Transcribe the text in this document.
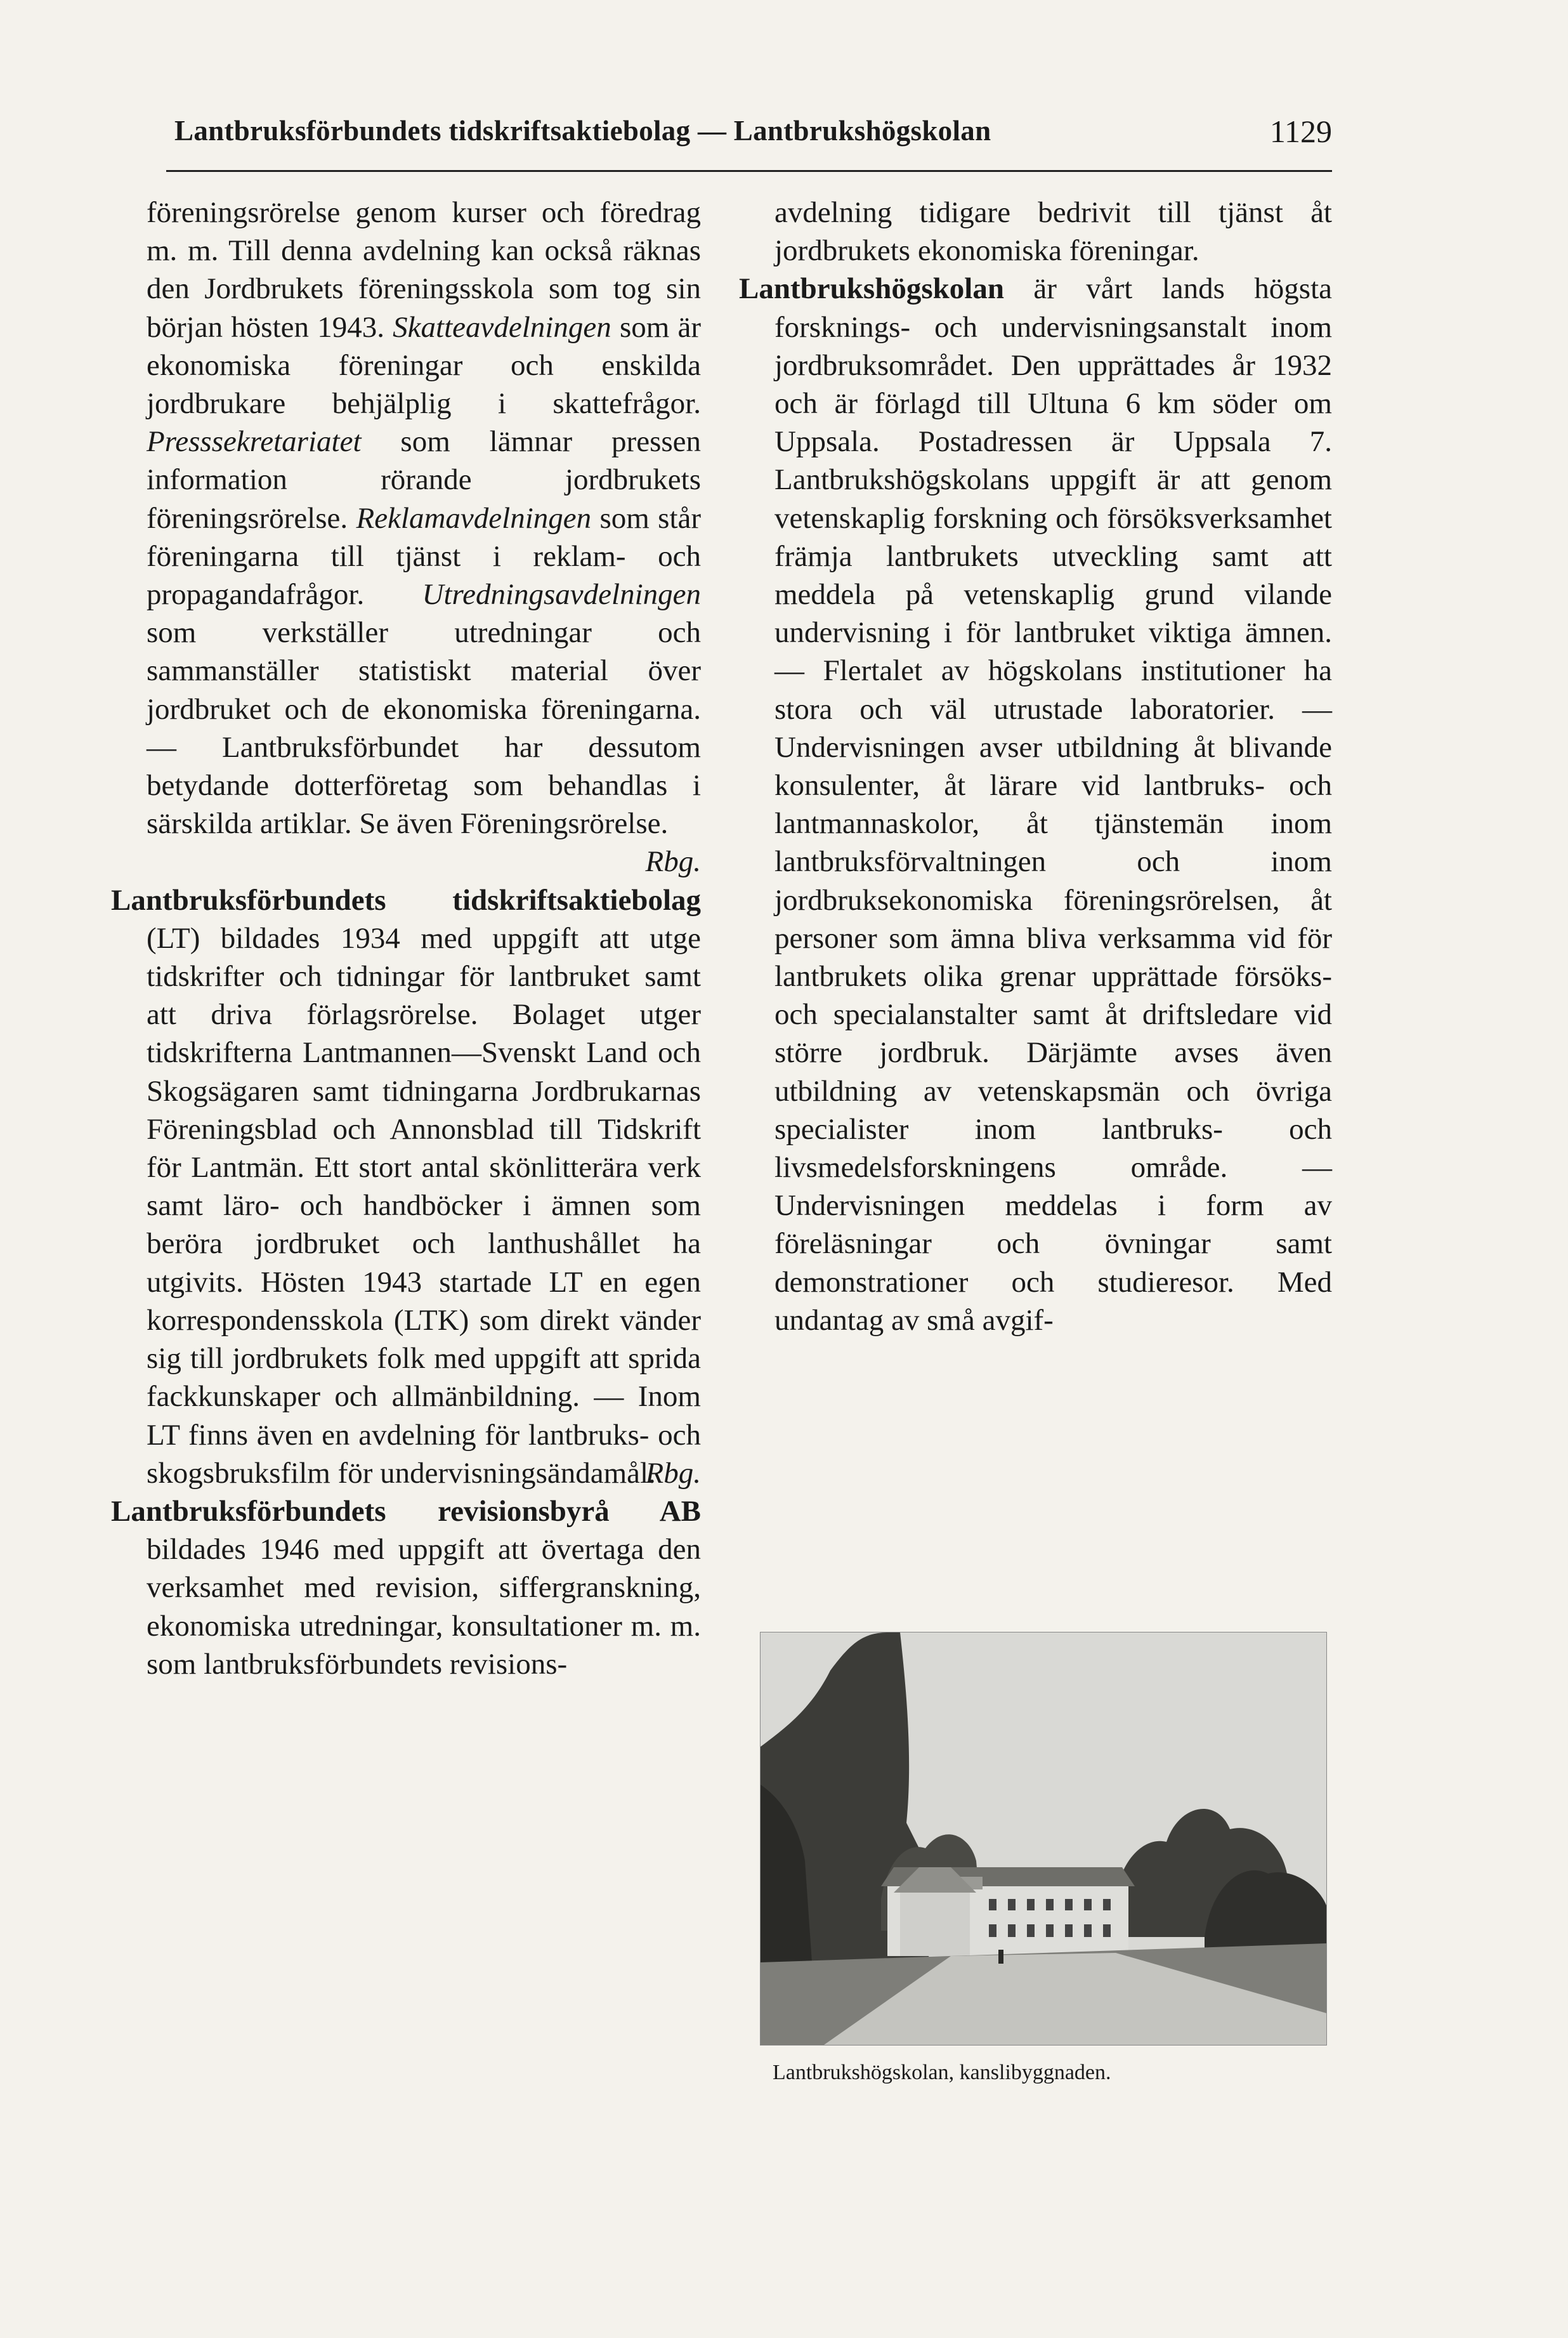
Lantbruksförbundets tidskriftsaktiebolag — Lantbrukshögskolan	1129

föreningsrörelse genom kurser och föredrag m. m. Till denna avdelning kan också räknas den Jordbrukets föreningsskola som tog sin början hösten 1943. Skatteavdelningen som är ekonomiska föreningar och enskilda jordbrukare behjälplig i skattefrågor. Presssekretariatet som lämnar pressen information rörande jordbrukets föreningsrörelse. Reklamavdelningen som står föreningarna till tjänst i reklam- och propagandafrågor. Utredningsavdelningen som verkställer utredningar och sammanställer statistiskt material över jordbruket och de ekonomiska föreningarna. — Lantbruksförbundet har dessutom betydande dotterföretag som behandlas i särskilda artiklar. Se även Föreningsrörelse.
Rbg.

Lantbruksförbundets tidskriftsaktiebolag (LT) bildades 1934 med uppgift att utge tidskrifter och tidningar för lantbruket samt att driva förlagsrörelse. Bolaget utger tidskrifterna Lantmannen—Svenskt Land och Skogsägaren samt tidningarna Jordbrukarnas Föreningsblad och Annonsblad till Tidskrift för Lantmän. Ett stort antal skönlitterära verk samt läro- och handböcker i ämnen som beröra jordbruket och lanthushållet ha utgivits. Hösten 1943 startade LT en egen korrespondensskola (LTK) som direkt vänder sig till jordbrukets folk med uppgift att sprida fackkunskaper och allmänbildning. — Inom LT finns även en avdelning för lantbruks- och skogsbruksfilm för undervisningsändamål.
Rbg.

Lantbruksförbundets revisionsbyrå AB bildades 1946 med uppgift att övertaga den verksamhet med revision, siffergranskning, ekonomiska utredningar, konsultationer m. m. som lantbruksförbundets revisions-

avdelning tidigare bedrivit till tjänst åt jordbrukets ekonomiska föreningar.

Lantbrukshögskolan är vårt lands högsta forsknings- och undervisningsanstalt inom jordbruksområdet. Den upprättades år 1932 och är förlagd till Ultuna 6 km söder om Uppsala. Postadressen är Uppsala 7. Lantbrukshögskolans uppgift är att genom vetenskaplig forskning och försöksverksamhet främja lantbrukets utveckling samt att meddela på vetenskaplig grund vilande undervisning i för lantbruket viktiga ämnen. — Flertalet av högskolans institutioner ha stora och väl utrustade laboratorier. — Undervisningen avser utbildning åt blivande konsulenter, åt lärare vid lantbruks- och lantmannaskolor, åt tjänstemän inom lantbruksförvaltningen och inom jordbruksekonomiska föreningsrörelsen, åt personer som ämna bliva verksamma vid för lantbrukets olika grenar upprättade försöks- och specialanstalter samt åt driftsledare vid större jordbruk. Därjämte avses även utbildning av vetenskapsmän och övriga specialister inom lantbruks- och livsmedelsforskningens område. — Undervisningen meddelas i form av föreläsningar och övningar samt demonstrationer och studieresor. Med undantag av små avgif-

Lantbrukshögskolan, kanslibyggnaden.
